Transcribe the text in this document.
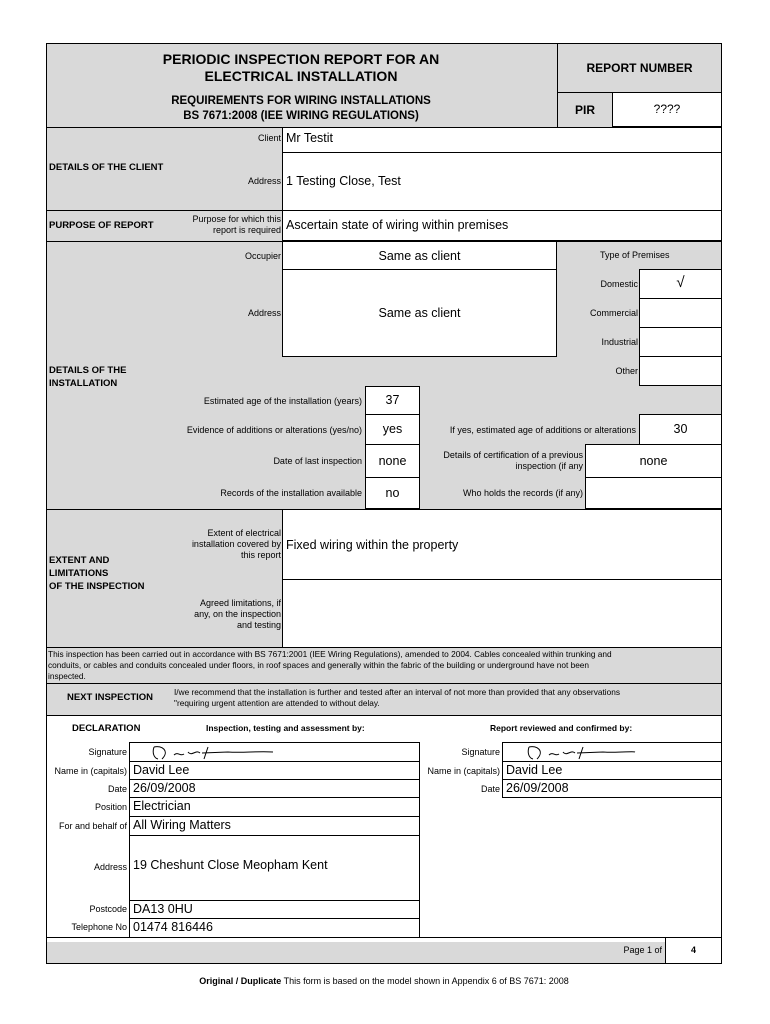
PERIODIC INSPECTION REPORT FOR AN
ELECTRICAL INSTALLATION
REQUIREMENTS FOR WIRING INSTALLATIONS
BS 7671:2008 (IEE WIRING REGULATIONS)
REPORT NUMBER
PIR	????
Client Mr Testit
DETAILS OF THE CLIENT
Address 1 Testing Close, Test
PURPOSE OF REPORT
Purpose for which this
report is required Ascertain state of wiring within premises
Occupier	Same as client
Address	Same as client
Type of Premises
Domestic	√
Commercial
Industrial
Other
DETAILS OF THE
INSTALLATION
Estimated age of the installation (years)	37
Evidence of additions or alterations (yes/no)	yes	If yes, estimated age of additions or alterations	30
Date of last inspection	none	Details of certification of a previous
inspection (if any	none
Records of the installation available	no	Who holds the records (if any)
Extent of electrical
installation covered by
this report
Fixed wiring within the property
EXTENT AND
LIMITATIONS
OF THE INSPECTION
Agreed limitations, if
any, on the inspection
and testing
This inspection has been carried out in accordance with BS 7671:2001 (IEE Wiring Regulations), amended to 2004. Cables concealed within trunking and
conduits, or cables and conduits concealed under floors, in roof spaces and generally within the fabric of the building or underground have not been
inspected.
NEXT INSPECTION	I/we recommend that the installation is further and tested after an interval of not more than provided that any observations
"requiring urgent attention are attended to without delay.
DECLARATION	Inspection, testing and assessment by:	Report reviewed and confirmed by:
Signature
Name in (capitals) David Lee
Date 26/09/2008
Position Electrician
For and behalf of All Wiring Matters
Address 19 Cheshunt Close Meopham Kent
Postcode DA13 0HU
Telephone No 01474 816446
Signature
Name in (capitals) David Lee
Date 26/09/2008
Page 1 of	4
Original / Duplicate This form is based on the model shown in Appendix 6 of BS 7671: 2008
